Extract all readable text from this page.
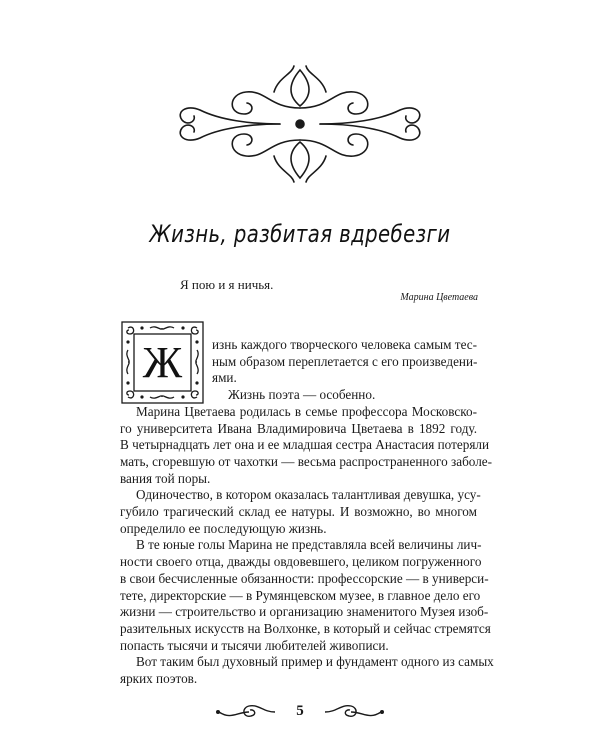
Жизнь, разбитая вдребезги
Я пою и я ничья.
Марина Цветаева
Ж	изнь каждого творческого человека самым тес-
ным образом переплетается с его произведени-
ями.
Жизнь поэта — особенно.
Марина Цветаева родилась в семье профессора Московско-
го университета Ивана Владимировича Цветаева в 1892 году.
В четырнадцать лет она и ее младшая сестра Анастасия потеряли
мать, сгоревшую от чахотки — весьма распространенного заболе-
вания той поры.
Одиночество, в котором оказалась талантливая девушка, усу-
губило трагический склад ее натуры. И возможно, во многом
определило ее последующую жизнь.
В те юные голы Марина не представляла всей величины лич-
ности своего отца, дважды овдовевшего, целиком погруженного
в свои бесчисленные обязанности: профессорские — в универси-
тете, директорские — в Румянцевском музее, в главное дело его
жизни — строительство и организацию знаменитого Музея изоб-
разительных искусств на Волхонке, в который и сейчас стремятся
попасть тысячи и тысячи любителей живописи.
Вот таким был духовный пример и фундамент одного из самых
ярких поэтов.
5
